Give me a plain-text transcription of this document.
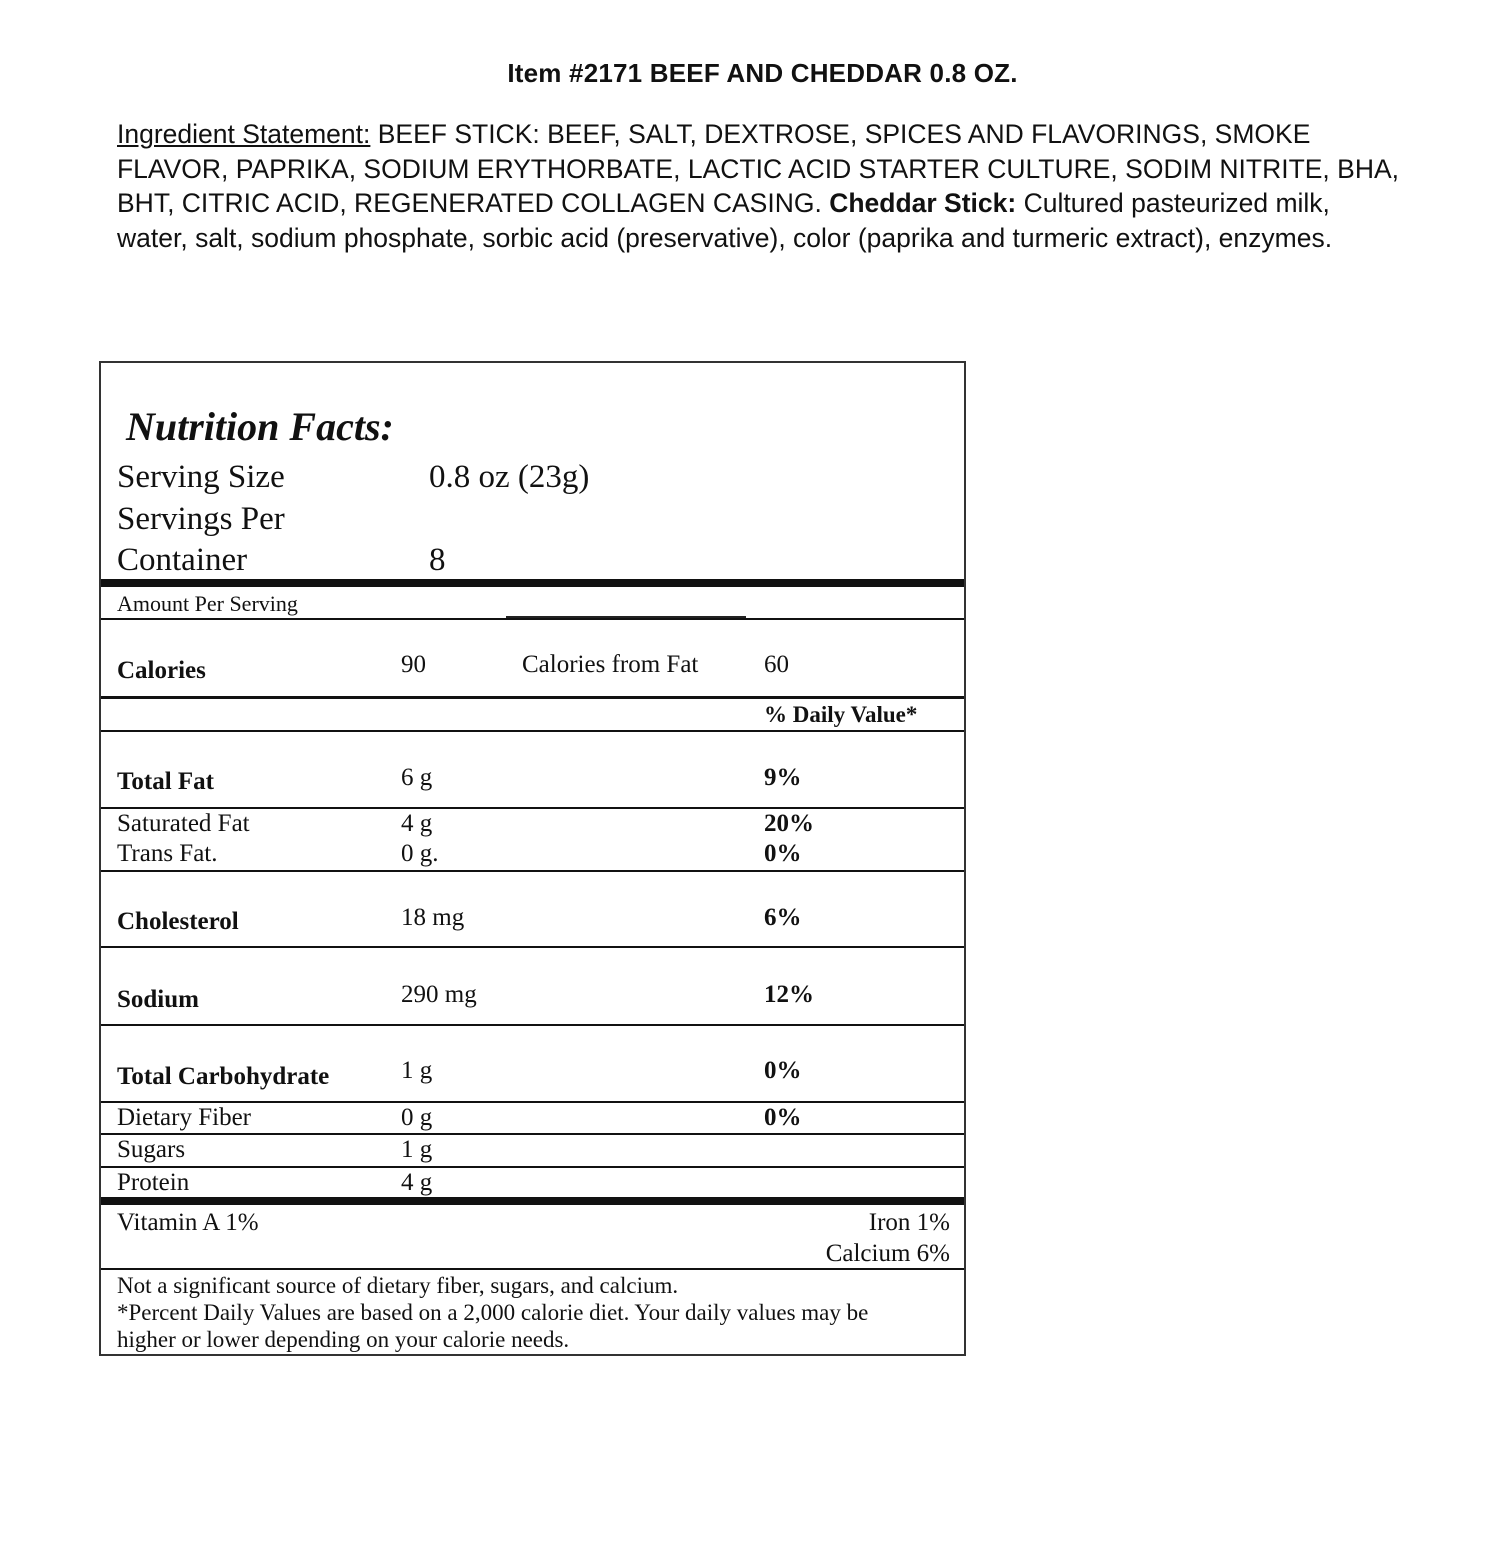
Item #2171 BEEF AND CHEDDAR 0.8 OZ.
Ingredient Statement: BEEF STICK: BEEF, SALT, DEXTROSE, SPICES AND FLAVORINGS, SMOKE FLAVOR, PAPRIKA, SODIUM ERYTHORBATE, LACTIC ACID STARTER CULTURE, SODIM NITRITE, BHA, BHT, CITRIC ACID, REGENERATED COLLAGEN CASING. Cheddar Stick: Cultured pasteurized milk, water, salt, sodium phosphate, sorbic acid (preservative), color (paprika and turmeric extract), enzymes.
Nutrition Facts:
Serving Size	0.8 oz (23g)
Servings Per
Container	8
Amount Per Serving
Calories	90	Calories from Fat	60
% Daily Value*
Total Fat	6 g	9%
Saturated Fat	4 g	20%
Trans Fat.	0 g.	0%
Cholesterol	18 mg	6%
Sodium	290 mg	12%
Total Carbohydrate	1 g	0%
Dietary Fiber	0 g	0%
Sugars	1 g
Protein	4 g
Vitamin A 1%	Iron 1%
Calcium 6%
Not a significant source of dietary fiber, sugars, and calcium.
*Percent Daily Values are based on a 2,000 calorie diet. Your daily values may be
higher or lower depending on your calorie needs.
